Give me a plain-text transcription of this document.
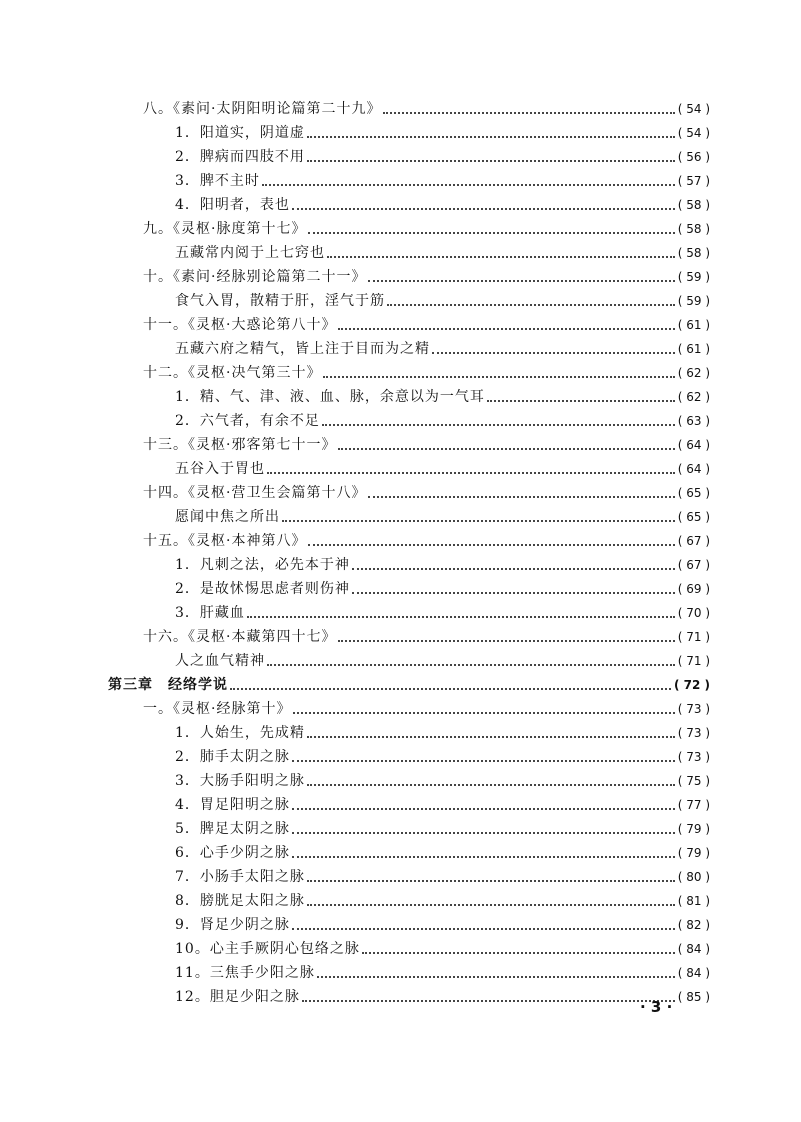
八。《素问·太阴阳明论篇第二十九》	( 54 )
1．阳道实，阴道虚	( 54 )
2．脾病而四肢不用	( 56 )
3．脾不主时	( 57 )
4．阳明者，表也	( 58 )
九。《灵枢·脉度第十七》	( 58 )
五藏常内阅于上七窍也	( 58 )
十。《素问·经脉别论篇第二十一》	( 59 )
食气入胃，散精于肝，淫气于筋	( 59 )
十一。《灵枢·大惑论第八十》	( 61 )
五藏六府之精气，皆上注于目而为之精	( 61 )
十二。《灵枢·决气第三十》	( 62 )
1．精、气、津、液、血、脉，余意以为一气耳	( 62 )
2．六气者，有余不足	( 63 )
十三。《灵枢·邪客第七十一》	( 64 )
五谷入于胃也	( 64 )
十四。《灵枢·营卫生会篇第十八》	( 65 )
愿闻中焦之所出	( 65 )
十五。《灵枢·本神第八》	( 67 )
1．凡刺之法，必先本于神	( 67 )
2．是故怵惕思虑者则伤神	( 69 )
3．肝藏血	( 70 )
十六。《灵枢·本藏第四十七》	( 71 )
人之血气精神	( 71 )
第三章　经络学说	( 72 )
一。《灵枢·经脉第十》	( 73 )
1．人始生，先成精	( 73 )
2．肺手太阴之脉	( 73 )
3．大肠手阳明之脉	( 75 )
4．胃足阳明之脉	( 77 )
5．脾足太阴之脉	( 79 )
6．心手少阴之脉	( 79 )
7．小肠手太阳之脉	( 80 )
8．膀胱足太阳之脉	( 81 )
9．肾足少阴之脉	( 82 )
10。心主手厥阴心包络之脉	( 84 )
11。三焦手少阳之脉	( 84 )
12。胆足少阳之脉	( 85 )
· 3 ·
